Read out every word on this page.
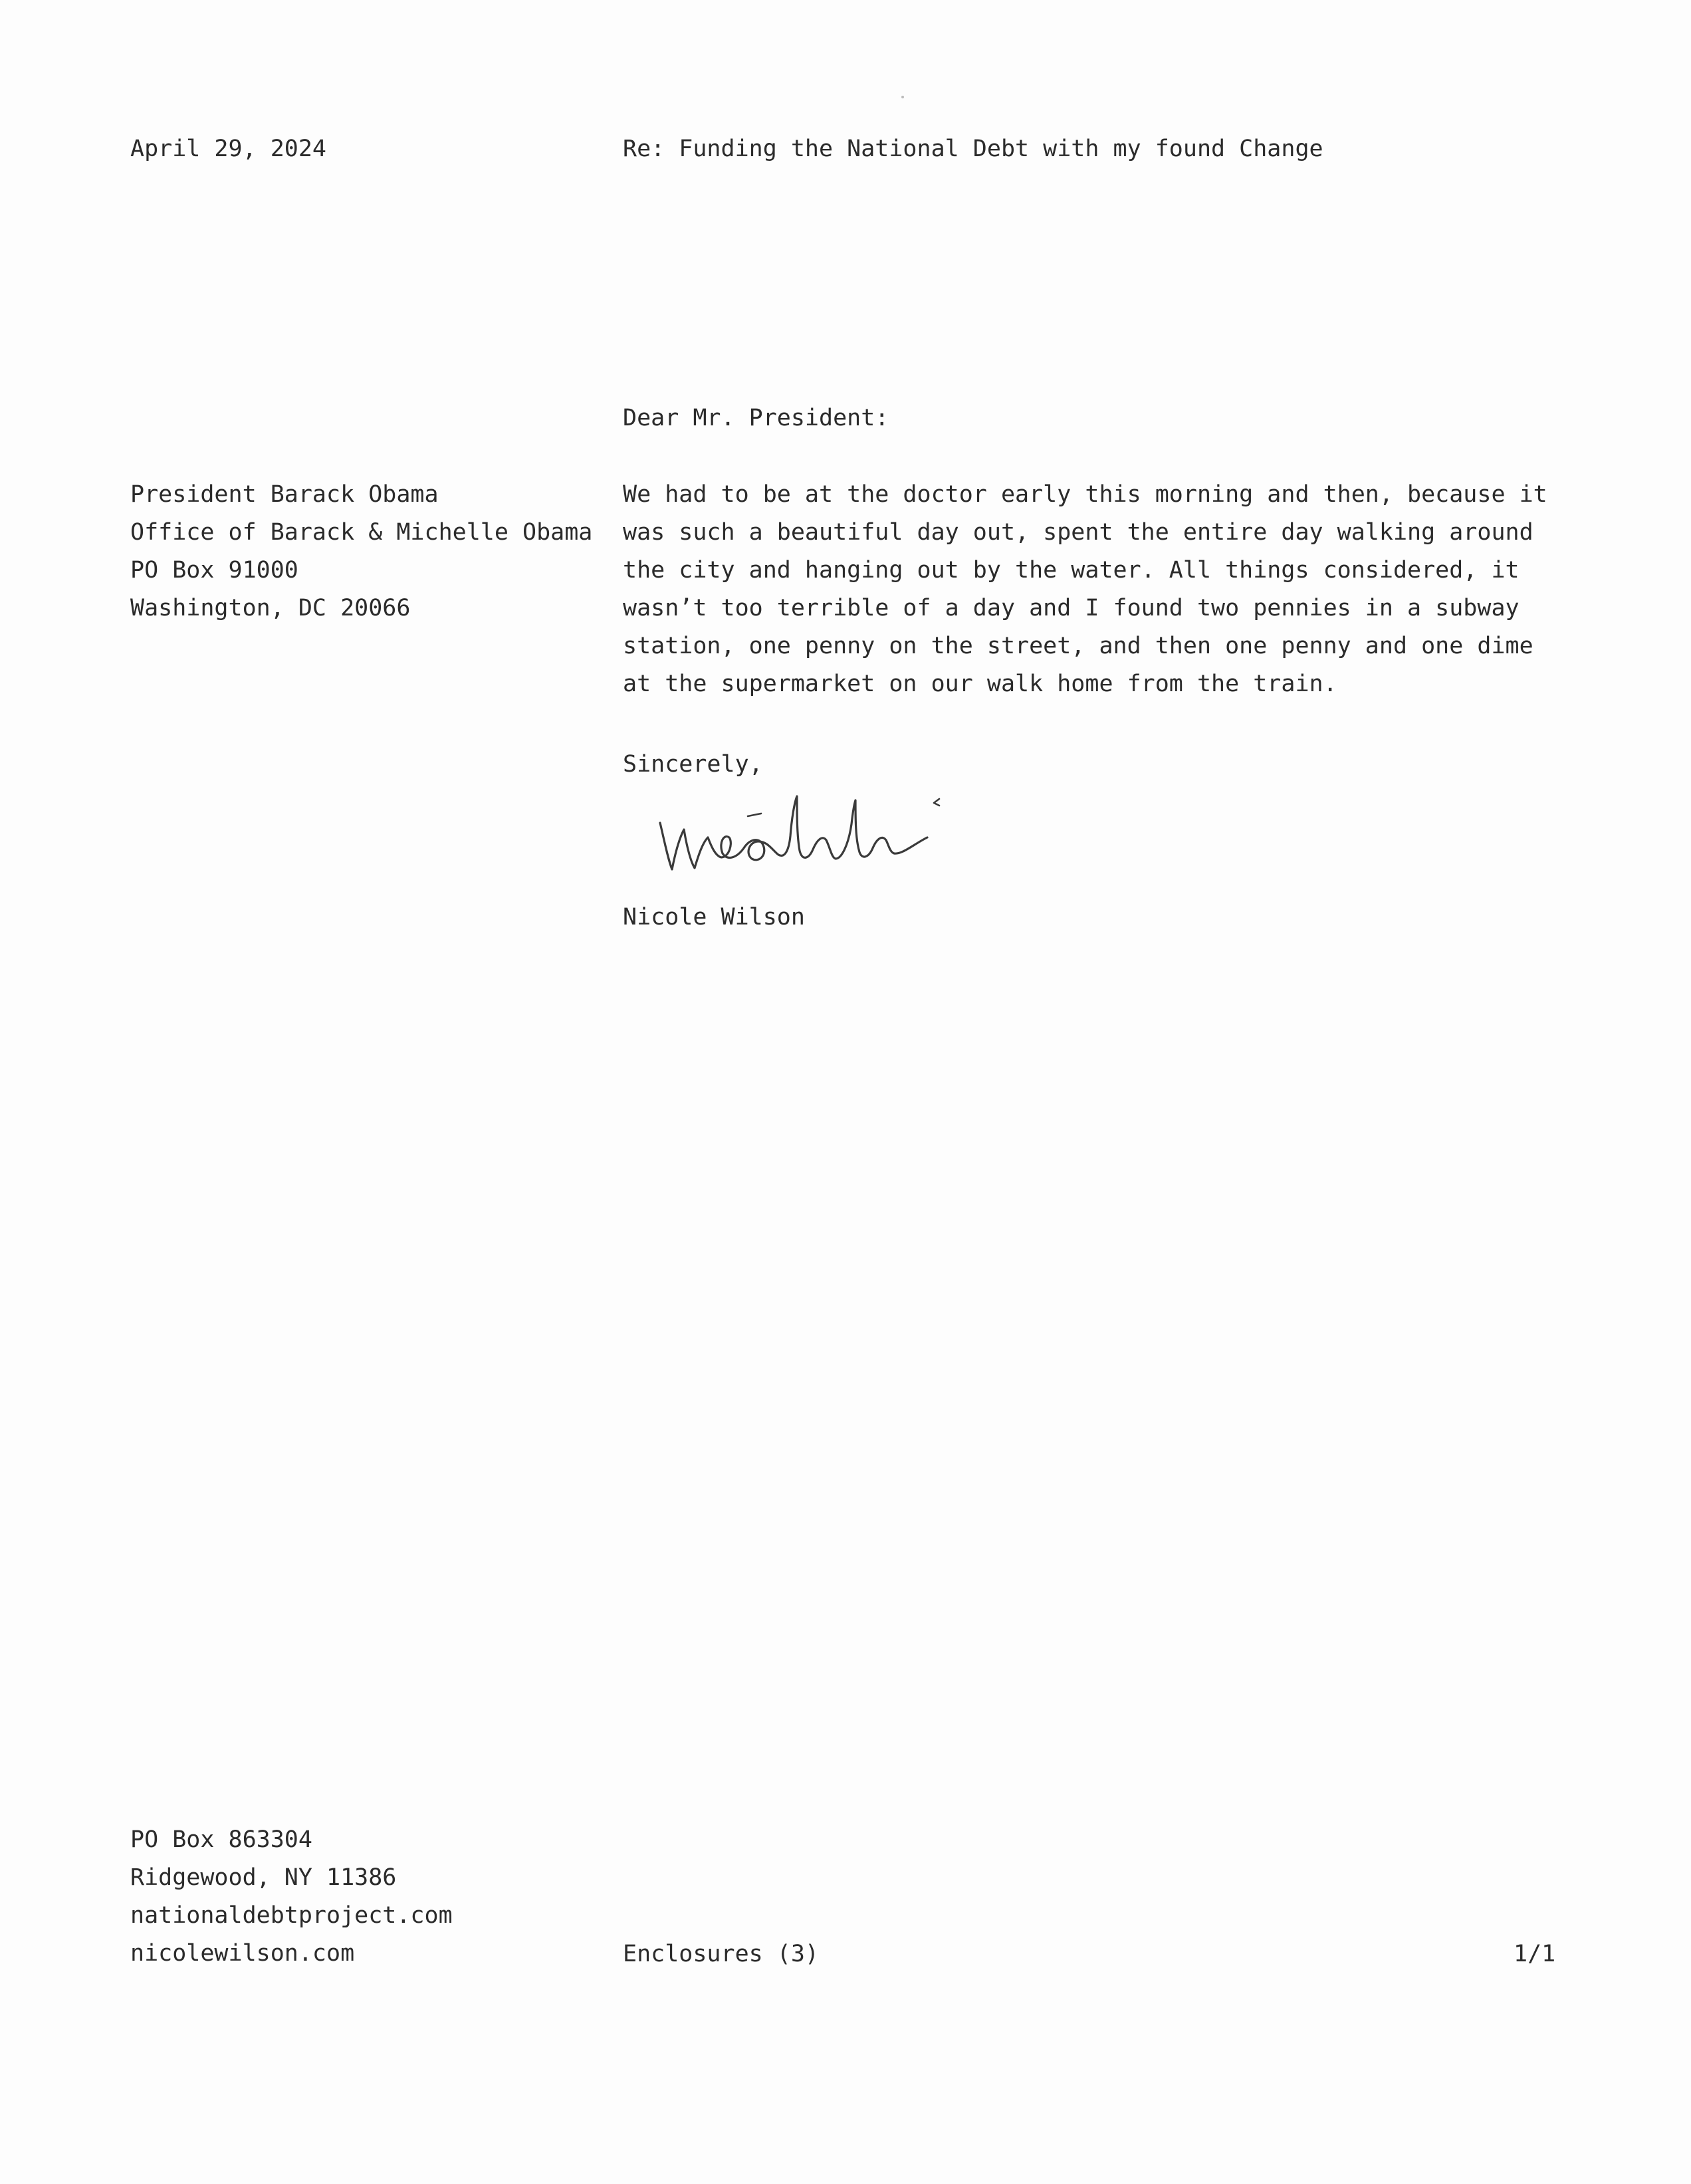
April 29, 2024	Re: Funding the National Debt with my found Change
Dear Mr. President:
President Barack Obama
Office of Barack & Michelle Obama
PO Box 91000
Washington, DC 20066
We had to be at the doctor early this morning and then, because it
was such a beautiful day out, spent the entire day walking around
the city and hanging out by the water. All things considered, it
wasn’t too terrible of a day and I found two pennies in a subway
station, one penny on the street, and then one penny and one dime
at the supermarket on our walk home from the train.
Sincerely,
Nicole Wilson
PO Box 863304
Ridgewood, NY 11386
nationaldebtproject.com
nicolewilson.com	Enclosures (3)	1/1
